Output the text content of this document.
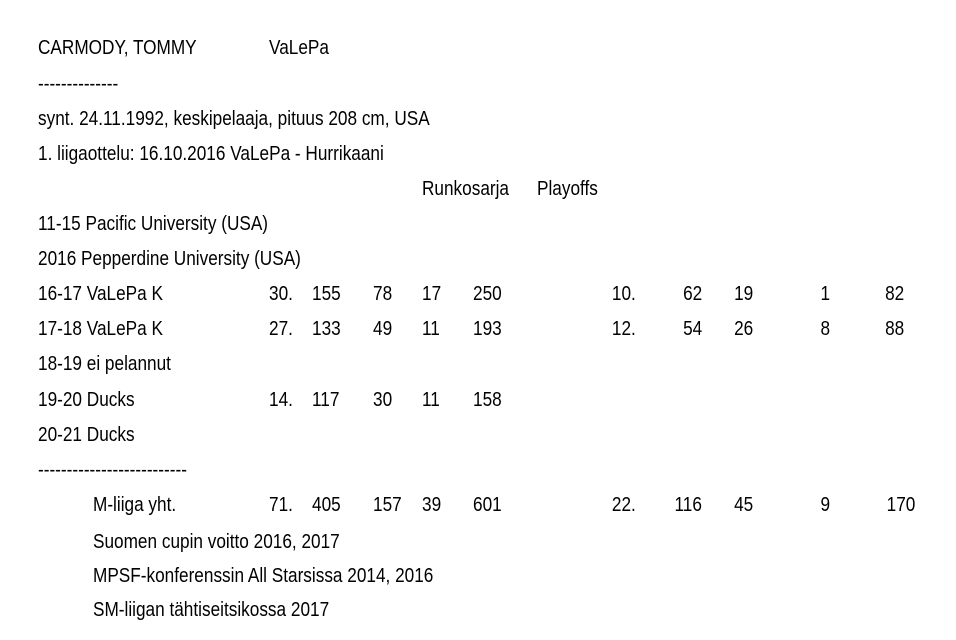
CARMODY, TOMMY	VaLePa
--------------
synt. 24.11.1992, keskipelaaja, pituus 208 cm, USA
1. liigaottelu: 16.10.2016 VaLePa - Hurrikaani
Runkosarja Playoffs
11-15 Pacific University (USA)
2016 Pepperdine University (USA)
16-17 VaLePa K	30. 155 78 17 250	10. 62 19	1	82
17-18 VaLePa K	27. 133 49 11 193	12. 54 26	8	88
18-19 ei pelannut
19-20 Ducks	14. 117 30 11 158
20-21 Ducks
--------------------------
M-liiga yht.	71. 405 157 39 601	22. 116 45	9	170
Suomen cupin voitto 2016, 2017
MPSF-konferenssin All Starsissa 2014, 2016
SM-liigan tähtiseitsikossa 2017
